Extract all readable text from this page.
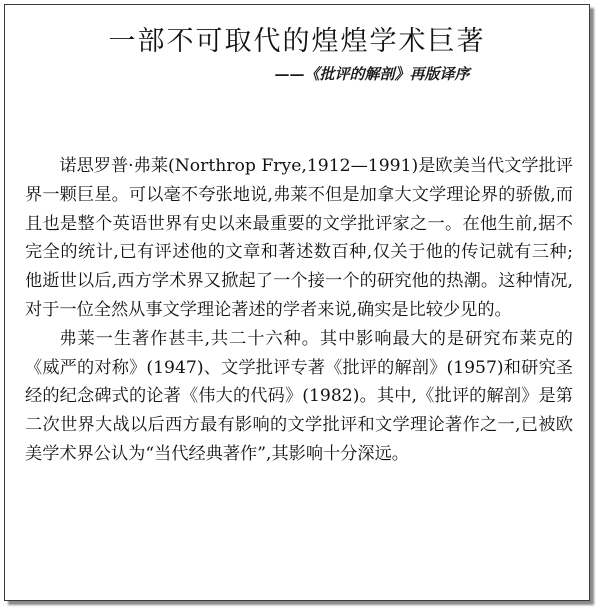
一部不可取代的煌煌学术巨著
——《批评的解剖》再版译序

诺思罗普·弗莱(Northrop Frye,1912—1991)是欧美当代文学批评界一颗巨星。可以毫不夸张地说,弗莱不但是加拿大文学理论界的骄傲,而且也是整个英语世界有史以来最重要的文学批评家之一。在他生前,据不完全的统计,已有评述他的文章和著述数百种,仅关于他的传记就有三种;他逝世以后,西方学术界又掀起了一个接一个的研究他的热潮。这种情况,对于一位全然从事文学理论著述的学者来说,确实是比较少见的。

弗莱一生著作甚丰,共二十六种。其中影响最大的是研究布莱克的《威严的对称》(1947)、文学批评专著《批评的解剖》(1957)和研究圣经的纪念碑式的论著《伟大的代码》(1982)。其中,《批评的解剖》是第二次世界大战以后西方最有影响的文学批评和文学理论著作之一,已被欧美学术界公认为“当代经典著作”,其影响十分深远。
